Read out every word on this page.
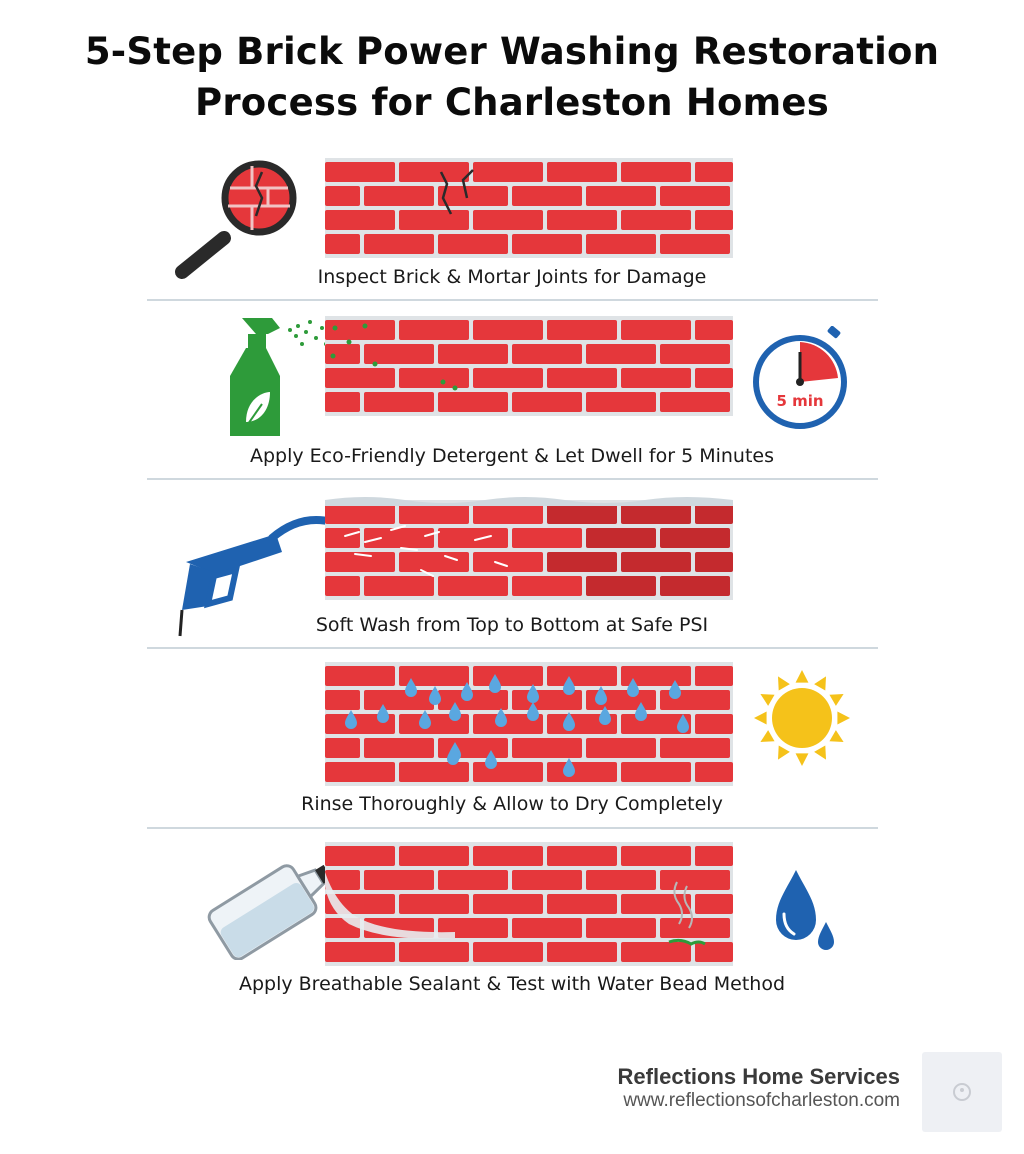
5-Step Brick Power Washing Restoration
Process for Charleston Homes
Inspect Brick & Mortar Joints for Damage
5 min
Apply Eco-Friendly Detergent & Let Dwell for 5 Minutes
Soft Wash from Top to Bottom at Safe PSI
Rinse Thoroughly & Allow to Dry Completely
Apply Breathable Sealant & Test with Water Bead Method
Reflections Home Services
www.reflectionsofcharleston.com
